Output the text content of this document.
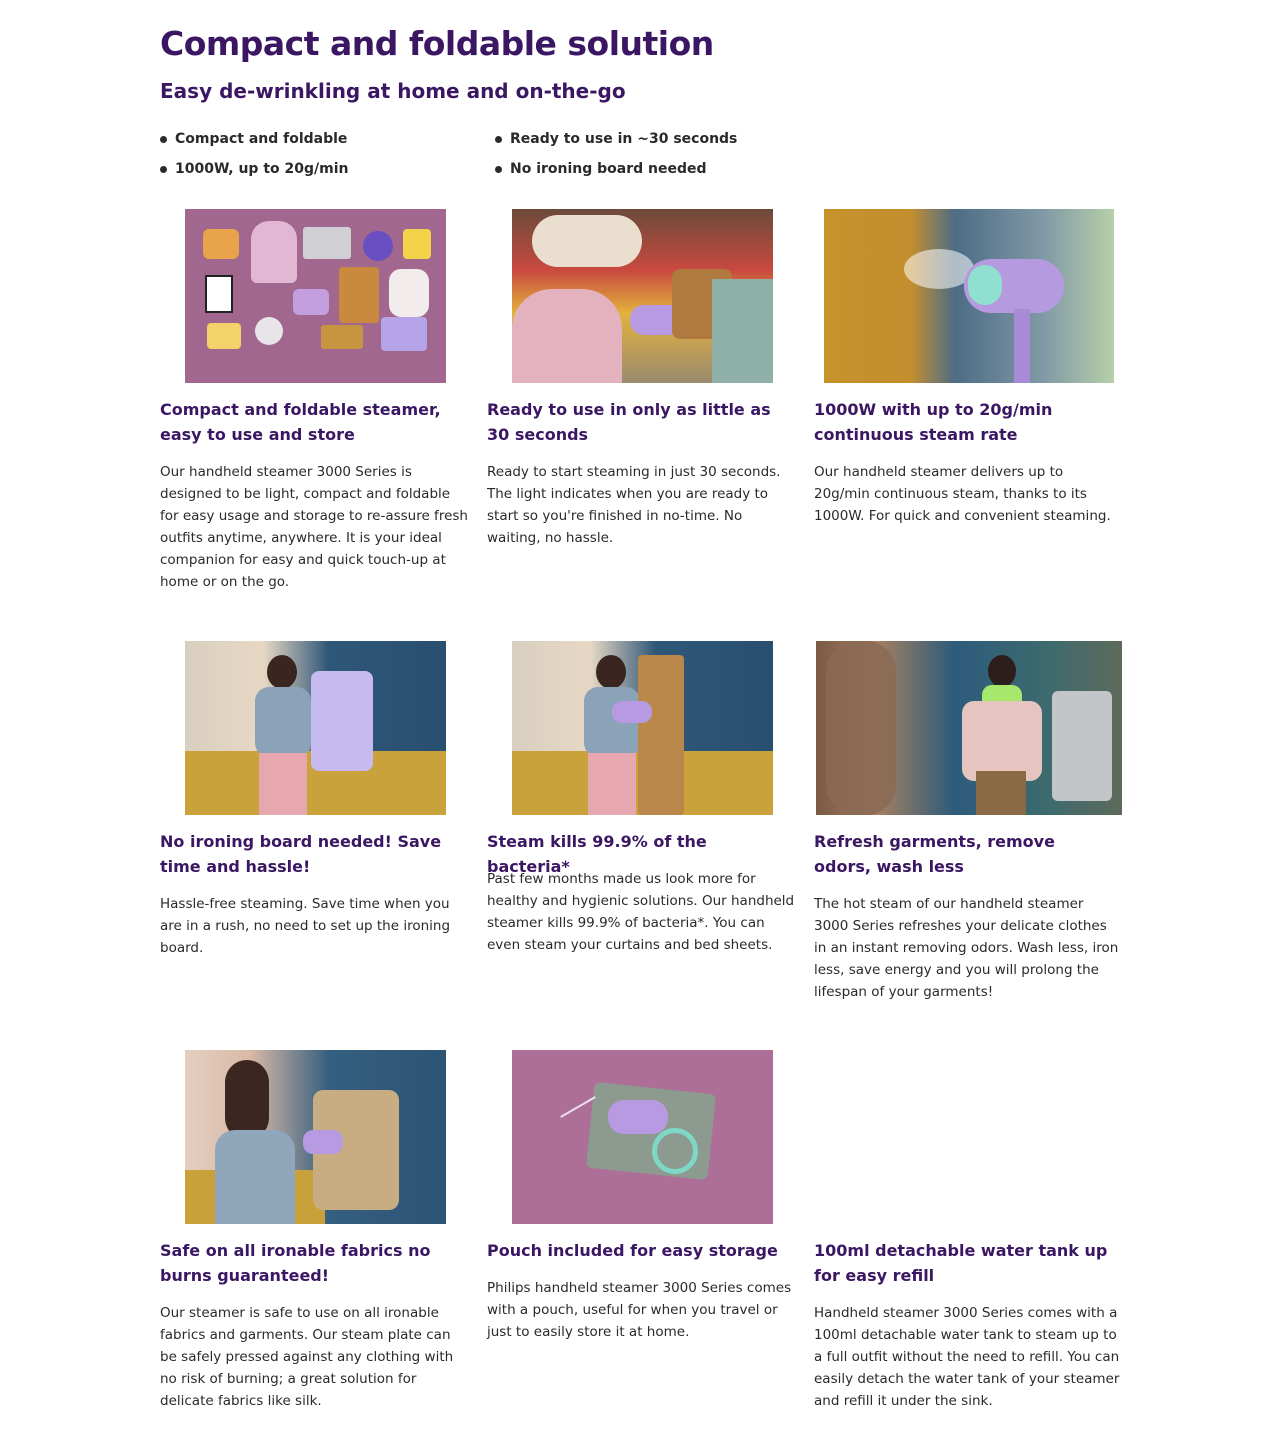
Compact and foldable solution
Easy de-wrinkling at home and on-the-go
Compact and foldable
1000W, up to 20g/min
Ready to use in ~30 seconds
No ironing board needed
Compact and foldable steamer, easy to use and store

Our handheld steamer 3000 Series is designed to be light, compact and foldable for easy usage and storage to re-assure fresh outfits anytime, anywhere. It is your ideal companion for easy and quick touch-up at home or on the go.

Ready to use in only as little as 30 seconds

Ready to start steaming in just 30 seconds. The light indicates when you are ready to start so you're finished in no-time. No waiting, no hassle.

1000W with up to 20g/min continuous steam rate

Our handheld steamer delivers up to 20g/min continuous steam, thanks to its 1000W. For quick and convenient steaming.

No ironing board needed! Save time and hassle!

Hassle-free steaming. Save time when you are in a rush, no need to set up the ironing board.

Steam kills 99.9% of the bacteria*

Past few months made us look more for healthy and hygienic solutions. Our handheld steamer kills 99.9% of bacteria*. You can even steam your curtains and bed sheets.

Refresh garments, remove odors, wash less

The hot steam of our handheld steamer 3000 Series refreshes your delicate clothes in an instant removing odors. Wash less, iron less, save energy and you will prolong the lifespan of your garments!

Safe on all ironable fabrics no burns guaranteed!

Our steamer is safe to use on all ironable fabrics and garments. Our steam plate can be safely pressed against any clothing with no risk of burning; a great solution for delicate fabrics like silk.

Pouch included for easy storage

Philips handheld steamer 3000 Series comes with a pouch, useful for when you travel or just to easily store it at home.

100ml detachable water tank up for easy refill

Handheld steamer 3000 Series comes with a 100ml detachable water tank to steam up to a full outfit without the need to refill. You can easily detach the water tank of your steamer and refill it under the sink.
